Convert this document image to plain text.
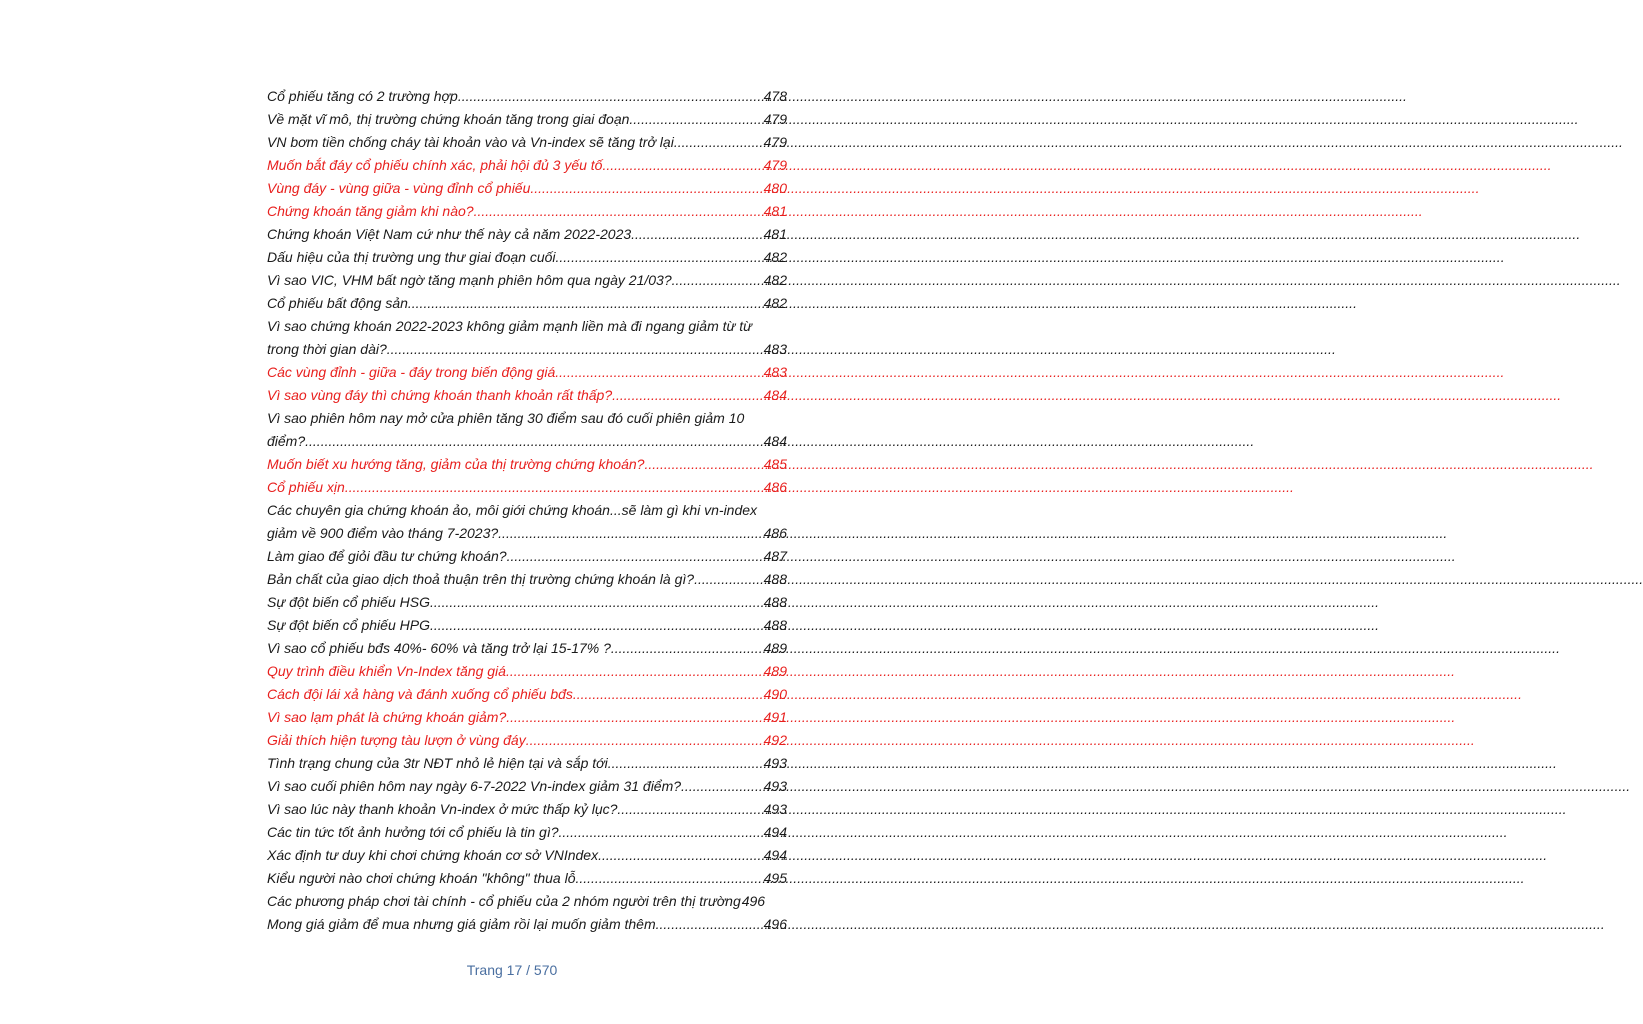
Cổ phiếu tăng có 2 trường hợp .....	478
Về mặt vĩ mô, thị trường chứng khoán tăng trong giai đoạn .....	479
VN bơm tiền chống cháy tài khoản vào và Vn-index sẽ tăng trở lại .....	479
Muốn bắt đáy cổ phiếu chính xác, phải hội đủ 3 yếu tố .....	479
Vùng đáy - vùng giữa - vùng đỉnh cổ phiếu .....	480
Chứng khoán tăng giảm khi nào? .....	481
Chứng khoán Việt Nam cứ như thế này cả năm 2022-2023 .....	481
Dấu hiệu của thị trường ung thư giai đoạn cuối .....	482
Vì sao VIC, VHM bất ngờ tăng mạnh phiên hôm qua ngày 21/03? .....	482
Cổ phiếu bất động sản .....	482
Vì sao chứng khoán 2022-2023 không giảm mạnh liền mà đi ngang giảm từ từ
trong thời gian dài? .....	483
Các vùng đỉnh - giữa - đáy trong biến động giá .....	483
Vì sao vùng đáy thì chứng khoán thanh khoản rất thấp? .....	484
Vì sao phiên hôm nay mở cửa phiên tăng 30 điểm sau đó cuối phiên giảm 10
điểm? .....	484
Muốn biết xu hướng tăng, giảm của thị trường chứng khoán? .....	485
Cổ phiếu xịn .....	486
Các chuyên gia chứng khoán ảo, môi giới chứng khoán...sẽ làm gì khi vn-index
giảm về 900 điểm vào tháng 7-2023? .....	486
Làm giao để giỏi đầu tư chứng khoán? .....	487
Bản chất của giao dịch thoả thuận trên thị trường chứng khoán là gì? .....	488
Sự đột biến cổ phiếu HSG .....	488
Sự đột biến cổ phiếu HPG .....	488
Vì sao cổ phiếu bđs 40%- 60% và tăng trở lại 15-17% ? .....	489
Quy trình điều khiển Vn-Index tăng giá .....	489
Cách đội lái xả hàng và đánh xuống cổ phiếu bđs .....	490
Vì sao lạm phát là chứng khoán giảm? .....	491
Giải thích hiện tượng tàu lượn ở vùng đáy .....	492
Tình trạng chung của 3tr NĐT nhỏ lẻ hiện tại và sắp tới .....	493
Vì sao cuối phiên hôm nay ngày 6-7-2022 Vn-index giảm 31 điểm? .....	493
Vì sao lúc này thanh khoản Vn-index ở mức thấp kỷ lục? .....	493
Các tin tức tốt ảnh hưởng tới cổ phiếu là tin gì? .....	494
Xác định tư duy khi chơi chứng khoán cơ sở VNIndex .....	494
Kiểu người nào chơi chứng khoán "không" thua lỗ .....	495
Các phương pháp chơi tài chính - cổ phiếu của 2 nhóm người trên thị trường 496
Mong giá giảm để mua nhưng giá giảm rồi lại muốn giảm thêm .....	496
Trang 17 / 570
